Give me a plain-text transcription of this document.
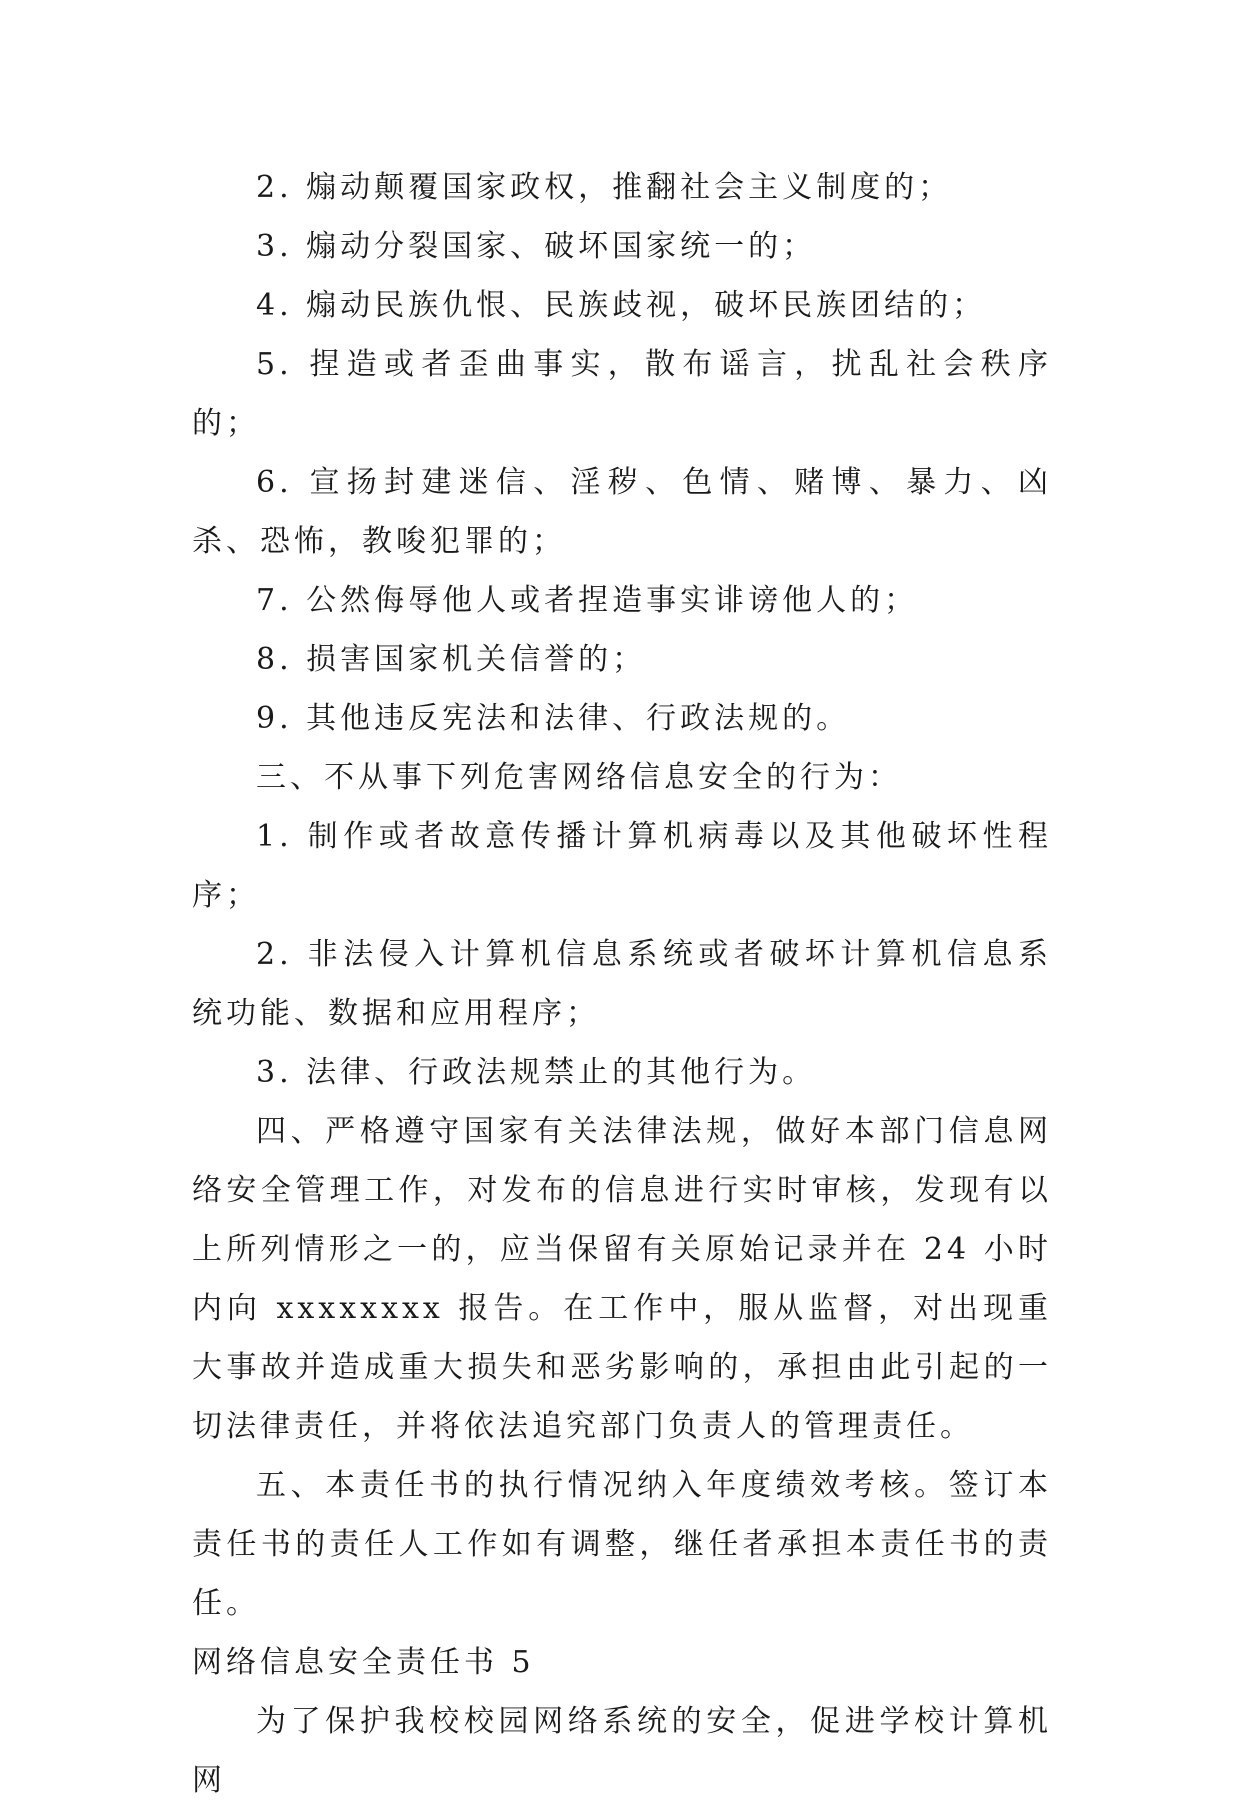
2. 煽动颠覆国家政权，推翻社会主义制度的；

3. 煽动分裂国家、破坏国家统一的；

4. 煽动民族仇恨、民族歧视，破坏民族团结的；

5. 捏造或者歪曲事实，散布谣言，扰乱社会秩序的；

6. 宣扬封建迷信、淫秽、色情、赌博、暴力、凶杀、恐怖，教唆犯罪的；

7. 公然侮辱他人或者捏造事实诽谤他人的；

8. 损害国家机关信誉的；

9. 其他违反宪法和法律、行政法规的。

三、不从事下列危害网络信息安全的行为：

1. 制作或者故意传播计算机病毒以及其他破坏性程序；

2. 非法侵入计算机信息系统或者破坏计算机信息系统功能、数据和应用程序；

3. 法律、行政法规禁止的其他行为。

四、严格遵守国家有关法律法规，做好本部门信息网络安全管理工作，对发布的信息进行实时审核，发现有以上所列情形之一的，应当保留有关原始记录并在 24 小时内向 xxxxxxxx 报告。在工作中，服从监督，对出现重大事故并造成重大损失和恶劣影响的，承担由此引起的一切法律责任，并将依法追究部门负责人的管理责任。

五、本责任书的执行情况纳入年度绩效考核。签订本责任书的责任人工作如有调整，继任者承担本责任书的责任。

网络信息安全责任书 5

为了保护我校校园网络系统的安全，促进学校计算机网
